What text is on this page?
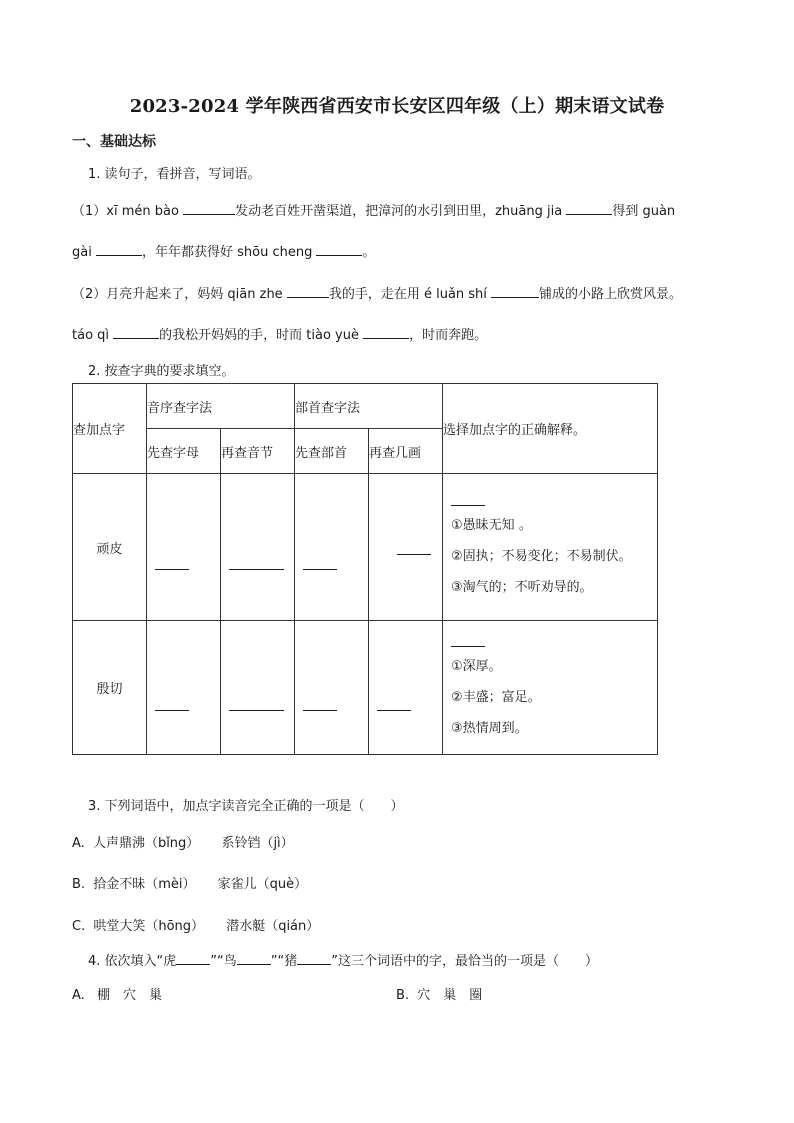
2023-2024 学年陕西省西安市长安区四年级（上）期末语文试卷
一、基础达标
1. 读句子，看拼音，写词语。
（1）xī mén bào	发动老百姓开凿渠道，把漳河的水引到田里，zhuāng jia	得到 guàn
gài	，年年都获得好 shōu cheng	。
（2）月亮升起来了，妈妈 qiān zhe	我的手，走在用 é luǎn shí	铺成的小路上欣赏风景。
táo qì	的我松开妈妈的手，时而 tiào yuè	，时而奔跑。
2. 按查字典的要求填空。
查加点字	音序查字法		部首查字法		选择加点字的正确解释。
	先查字母	再查音节	先查部首	再查几画	
顽皮					①愚昧无知 。
②固执；不易变化；不易制伏。
③淘气的；不听劝导的。

殷切					①深厚。
②丰盛；富足。
③热情周到。
3. 下列词语中，加点字读音完全正确的一项是（　　）
A. 人声鼎沸（bǐng） 系铃铛（jì）
B. 拾金不昧（mèi） 家雀儿（què）
C. 哄堂大笑（hōng） 潜水艇（qián）
4. 依次填入“虎	”“鸟	”“猪	”这三个词语中的字，最恰当的一项是（　　）
A. 棚　穴　巢	B. 穴　巢　圈
